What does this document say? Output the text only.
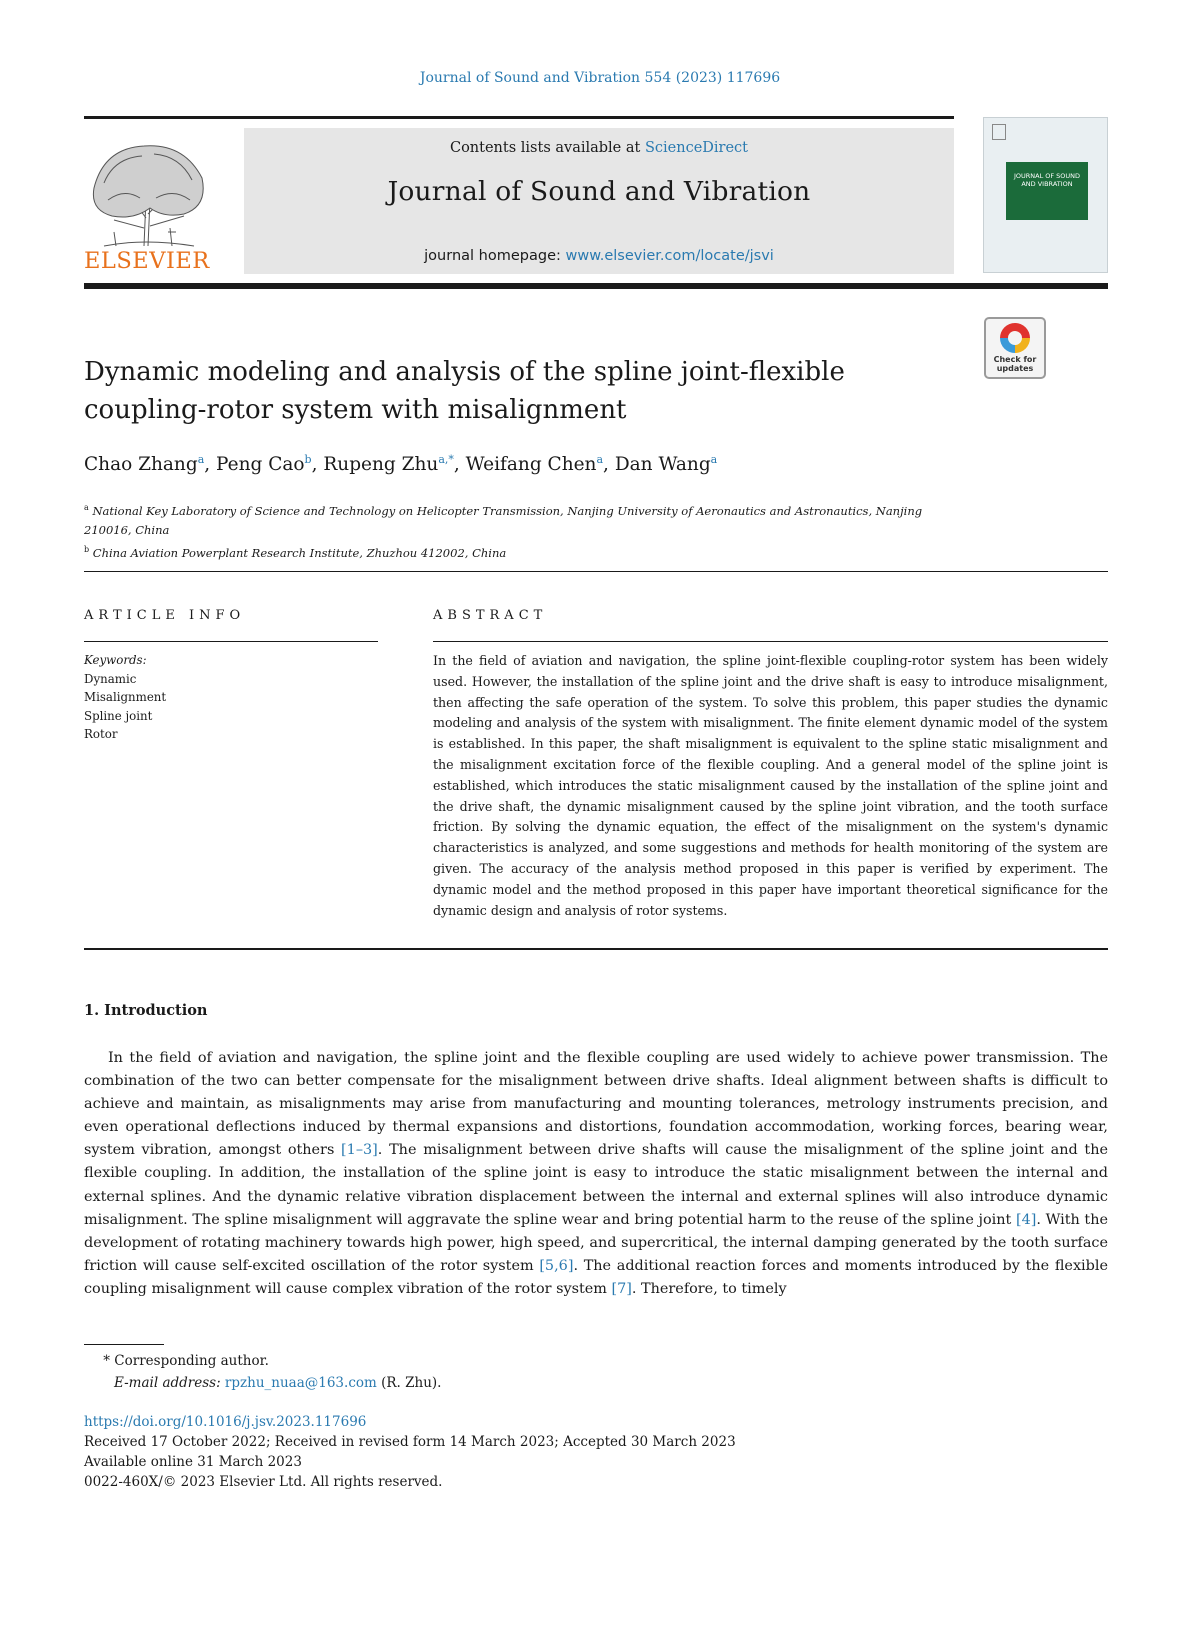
Journal of Sound and Vibration 554 (2023) 117696
ELSEVIER
Contents lists available at ScienceDirect
Journal of Sound and Vibration
journal homepage: www.elsevier.com/locate/jsvi
JOURNAL OF SOUND AND VIBRATION
Check for updates
Dynamic modeling and analysis of the spline joint-flexible
coupling-rotor system with misalignment
Chao Zhang$^a$, Peng Cao$^b$, Rupeng Zhu$^{a,*}$, Weifang Chen$^a$, Dan Wang$^a$
$^a$ National Key Laboratory of Science and Technology on Helicopter Transmission, Nanjing University of Aeronautics and Astronautics, Nanjing 210016, China
$^b$ China Aviation Powerplant Research Institute, Zhuzhou 412002, China
ARTICLE INFO	ABSTRACT
Keywords:
Dynamic
Misalignment
Spline joint
Rotor
In the field of aviation and navigation, the spline joint-flexible coupling-rotor system has been widely used. However, the installation of the spline joint and the drive shaft is easy to introduce misalignment, then affecting the safe operation of the system. To solve this problem, this paper studies the dynamic modeling and analysis of the system with misalignment. The finite element dynamic model of the system is established. In this paper, the shaft misalignment is equivalent to the spline static misalignment and the misalignment excitation force of the flexible coupling. And a general model of the spline joint is established, which introduces the static misalignment caused by the installation of the spline joint and the drive shaft, the dynamic misalignment caused by the spline joint vibration, and the tooth surface friction. By solving the dynamic equation, the effect of the misalignment on the system's dynamic characteristics is analyzed, and some suggestions and methods for health monitoring of the system are given. The accuracy of the analysis method proposed in this paper is verified by experiment. The dynamic model and the method proposed in this paper have important theoretical significance for the dynamic design and analysis of rotor systems.
1. Introduction
In the field of aviation and navigation, the spline joint and the flexible coupling are used widely to achieve power transmission. The combination of the two can better compensate for the misalignment between drive shafts. Ideal alignment between shafts is difficult to achieve and maintain, as misalignments may arise from manufacturing and mounting tolerances, metrology instruments precision, and even operational deflections induced by thermal expansions and distortions, foundation accommodation, working forces, bearing wear, system vibration, amongst others [1–3]. The misalignment between drive shafts will cause the misalignment of the spline joint and the flexible coupling. In addition, the installation of the spline joint is easy to introduce the static misalignment between the internal and external splines. And the dynamic relative vibration displacement between the internal and external splines will also introduce dynamic misalignment. The spline misalignment will aggravate the spline wear and bring potential harm to the reuse of the spline joint [4]. With the development of rotating machinery towards high power, high speed, and supercritical, the internal damping generated by the tooth surface friction will cause self-excited oscillation of the rotor system [5,6]. The additional reaction forces and moments introduced by the flexible coupling misalignment will cause complex vibration of the rotor system [7]. Therefore, to timely
* Corresponding author.
E-mail address: rpzhu_nuaa@163.com (R. Zhu).
https://doi.org/10.1016/j.jsv.2023.117696
Received 17 October 2022; Received in revised form 14 March 2023; Accepted 30 March 2023
Available online 31 March 2023
0022-460X/© 2023 Elsevier Ltd. All rights reserved.
